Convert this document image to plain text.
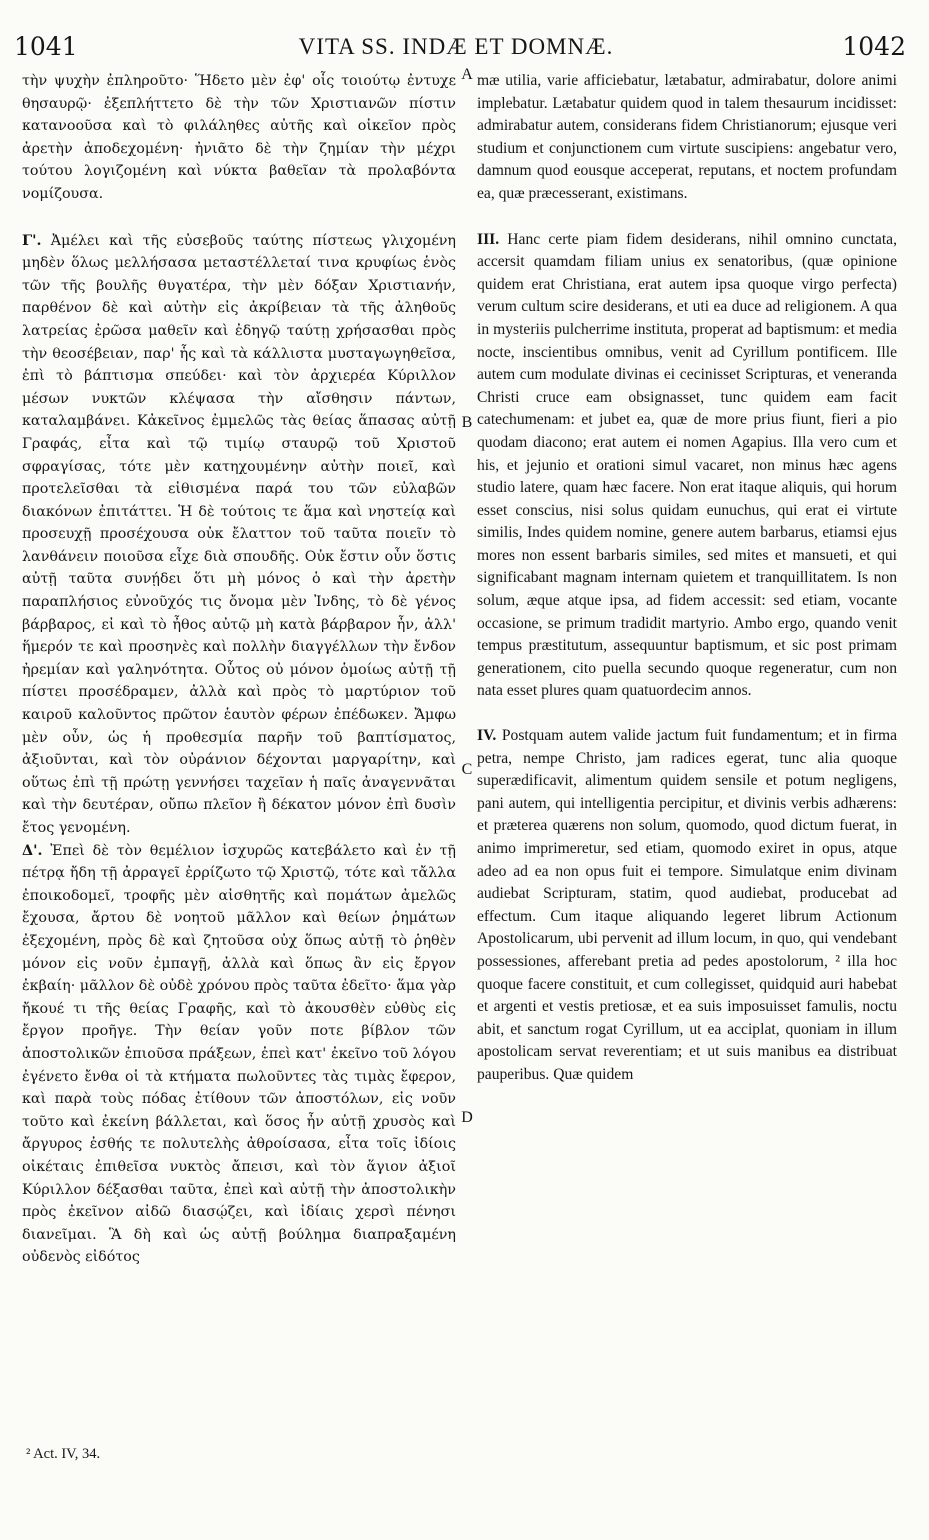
1041	VITA SS. INDÆ ET DOMNÆ.	1042

τὴν ψυχὴν ἐπληροῦτο· Ἥδετο μὲν ἐφ' οἷς τοιούτῳ ἐντυχε θησαυρῷ· ἐξεπλήττετο δὲ τὴν τῶν Χριστιανῶν πίστιν κατανοοῦσα καὶ τὸ φιλάληθες αὐτῆς καὶ οἰκεῖον πρὸς ἀρετὴν ἀποδεχομένη· ἠνιᾶτο δὲ τὴν ζημίαν τὴν μέχρι τούτου λογιζομένη καὶ νύκτα βαθεῖαν τὰ προλαβόντα νομίζουσα.

Γ'. Ἀμέλει καὶ τῆς εὐσεβοῦς ταύτης πίστεως γλιχομένη μηδὲν ὅλως μελλήσασα μεταστέλλεταί τινα κρυφίως ἑνὸς τῶν τῆς βουλῆς θυγατέρα, τὴν μὲν δόξαν Χριστιανήν, παρθένον δὲ καὶ αὐτὴν εἰς ἀκρίβειαν τὰ τῆς ἀληθοῦς λατρείας ἐρῶσα μαθεῖν καὶ ἐδηγῷ ταύτῃ χρήσασθαι πρὸς τὴν θεοσέβειαν, παρ' ἧς καὶ τὰ κάλλιστα μυσταγωγηθεῖσα, ἐπὶ τὸ βάπτισμα σπεύδει· καὶ τὸν ἀρχιερέα Κύριλλον μέσων νυκτῶν κλέψασα τὴν αἴσθησιν πάντων, καταλαμβάνει. Κἀκεῖνος ἐμμελῶς τὰς θείας ἅπασας αὐτῇ Γραφάς, εἶτα καὶ τῷ τιμίῳ σταυρῷ τοῦ Χριστοῦ σφραγίσας, τότε μὲν κατηχουμένην αὐτὴν ποιεῖ, καὶ προτελεῖσθαι τὰ εἰθισμένα παρά του τῶν εὐλαβῶν διακόνων ἐπιτάττει. Ἡ δὲ τούτοις τε ἅμα καὶ νηστείᾳ καὶ προσευχῇ προσέχουσα οὐκ ἔλαττον τοῦ ταῦτα ποιεῖν τὸ λανθάνειν ποιοῦσα εἶχε διὰ σπουδῆς. Οὐκ ἔστιν οὖν ὅστις αὐτῇ ταῦτα συνῄδει ὅτι μὴ μόνος ὁ καὶ τὴν ἀρετὴν παραπλήσιος εὐνοῦχός τις ὄνομα μὲν Ἰνδης, τὸ δὲ γένος βάρβαρος, εἰ καὶ τὸ ἦθος αὐτῷ μὴ κατὰ βάρβαρον ἦν, ἀλλ' ἥμερόν τε καὶ προσηνὲς καὶ πολλὴν διαγγέλλων τὴν ἔνδον ἠρεμίαν καὶ γαληνότητα. Οὗτος οὐ μόνον ὁμοίως αὐτῇ τῇ πίστει προσέδραμεν, ἀλλὰ καὶ πρὸς τὸ μαρτύριον τοῦ καιροῦ καλοῦντος πρῶτον ἑαυτὸν φέρων ἐπέδωκεν. Ἄμφω μὲν οὖν, ὡς ἡ προθεσμία παρῆν τοῦ βαπτίσματος, ἀξιοῦνται, καὶ τὸν οὐράνιον δέχονται μαργαρίτην, καὶ οὕτως ἐπὶ τῇ πρώτῃ γεννήσει ταχεῖαν ἡ παῖς ἀναγεννᾶται καὶ τὴν δευτέραν, οὔπω πλεῖον ἢ δέκατον μόνον ἐπὶ δυσὶν ἔτος γενομένη.

Δ'. Ἐπεὶ δὲ τὸν θεμέλιον ἰσχυρῶς κατεβάλετο καὶ ἐν τῇ πέτρᾳ ἤδη τῇ ἀρραγεῖ ἐρρίζωτο τῷ Χριστῷ, τότε καὶ τἄλλα ἐποικοδομεῖ, τροφῆς μὲν αἰσθητῆς καὶ πομάτων ἀμελῶς ἔχουσα, ἄρτου δὲ νοητοῦ μᾶλλον καὶ θείων ῥημάτων ἐξεχομένη, πρὸς δὲ καὶ ζητοῦσα οὐχ ὅπως αὐτῇ τὸ ῥηθὲν μόνον εἰς νοῦν ἐμπαγῇ, ἀλλὰ καὶ ὅπως ἂν εἰς ἔργον ἐκβαίη· μᾶλλον δὲ οὐδὲ χρόνου πρὸς ταῦτα ἐδεῖτο· ἅμα γὰρ ἤκουέ τι τῆς θείας Γραφῆς, καὶ τὸ ἀκουσθὲν εὐθὺς εἰς ἔργον προῆγε. Τὴν θείαν γοῦν ποτε βίβλον τῶν ἀποστολικῶν ἐπιοῦσα πράξεων, ἐπεὶ κατ' ἐκεῖνο τοῦ λόγου ἐγένετο ἔνθα οἱ τὰ κτήματα πωλοῦντες τὰς τιμὰς ἔφερον, καὶ παρὰ τοὺς πόδας ἐτίθουν τῶν ἀποστόλων, εἰς νοῦν τοῦτο καὶ ἐκείνη βάλλεται, καὶ ὅσος ἦν αὐτῇ χρυσὸς καὶ ἄργυρος ἐσθής τε πολυτελὴς ἀθροίσασα, εἶτα τοῖς ἰδίοις οἰκέταις ἐπιθεῖσα νυκτὸς ἄπεισι, καὶ τὸν ἅγιον ἀξιοῖ Κύριλλον δέξασθαι ταῦτα, ἐπεὶ καὶ αὐτῇ τὴν ἀποστολικὴν πρὸς ἐκεῖνον αἰδῶ διασῴζει, καὶ ἰδίαις χερσὶ πένησι διανεῖμαι. Ἃ δὴ καὶ ὡς αὐτῇ βούλημα διαπραξαμένη οὐδενὸς εἰδότος

mæ utilia, varie afficiebatur, lætabatur, admirabatur, dolore animi implebatur. Lætabatur quidem quod in talem thesaurum incidisset: admirabatur autem, considerans fidem Christianorum; ejusque veri studium et conjunctionem cum virtute suscipiens: angebatur vero, damnum quod eousque acceperat, reputans, et noctem profundam ea, quæ præcesserant, existimans.

III. Hanc certe piam fidem desiderans, nihil omnino cunctata, accersit quamdam filiam unius ex senatoribus, (quæ opinione quidem erat Christiana, erat autem ipsa quoque virgo perfecta) verum cultum scire desiderans, et uti ea duce ad religionem. A qua in mysteriis pulcherrime instituta, properat ad baptismum: et media nocte, inscientibus omnibus, venit ad Cyrillum pontificem. Ille autem cum modulate divinas ei cecinisset Scripturas, et veneranda Christi cruce eam obsignasset, tunc quidem eam facit catechumenam: et jubet ea, quæ de more prius fiunt, fieri a pio quodam diacono; erat autem ei nomen Agapius. Illa vero cum et his, et jejunio et orationi simul vacaret, non minus hæc agens studio latere, quam hæc facere. Non erat itaque aliquis, qui horum esset conscius, nisi solus quidam eunuchus, qui erat ei virtute similis, Indes quidem nomine, genere autem barbarus, etiamsi ejus mores non essent barbaris similes, sed mites et mansueti, et qui significabant magnam internam quietem et tranquillitatem. Is non solum, æque atque ipsa, ad fidem accessit: sed etiam, vocante occasione, se primum tradidit martyrio. Ambo ergo, quando venit tempus præstitutum, assequuntur baptismum, et sic post primam generationem, cito puella secundo quoque regeneratur, cum non nata esset plures quam quatuordecim annos.

IV. Postquam autem valide jactum fuit fundamentum; et in firma petra, nempe Christo, jam radices egerat, tunc alia quoque superædificavit, alimentum quidem sensile et potum negligens, pani autem, qui intelligentia percipitur, et divinis verbis adhærens: et præterea quærens non solum, quomodo, quod dictum fuerat, in animo imprimeretur, sed etiam, quomodo exiret in opus, atque adeo ad ea non opus fuit ei tempore. Simulatque enim divinam audiebat Scripturam, statim, quod audiebat, producebat ad effectum. Cum itaque aliquando legeret librum Actionum Apostolicarum, ubi pervenit ad illum locum, in quo, qui vendebant possessiones, afferebant pretia ad pedes apostolorum, ² illa hoc quoque facere constituit, et cum collegisset, quidquid auri habebat et argenti et vestis pretiosæ, et ea suis imposuisset famulis, noctu abit, et sanctum rogat Cyrillum, ut ea acciplat, quoniam in illum apostolicam servat reverentiam; et ut suis manibus ea distribuat pauperibus. Quæ quidem

A
B
C
D
² Act. IV, 34.
